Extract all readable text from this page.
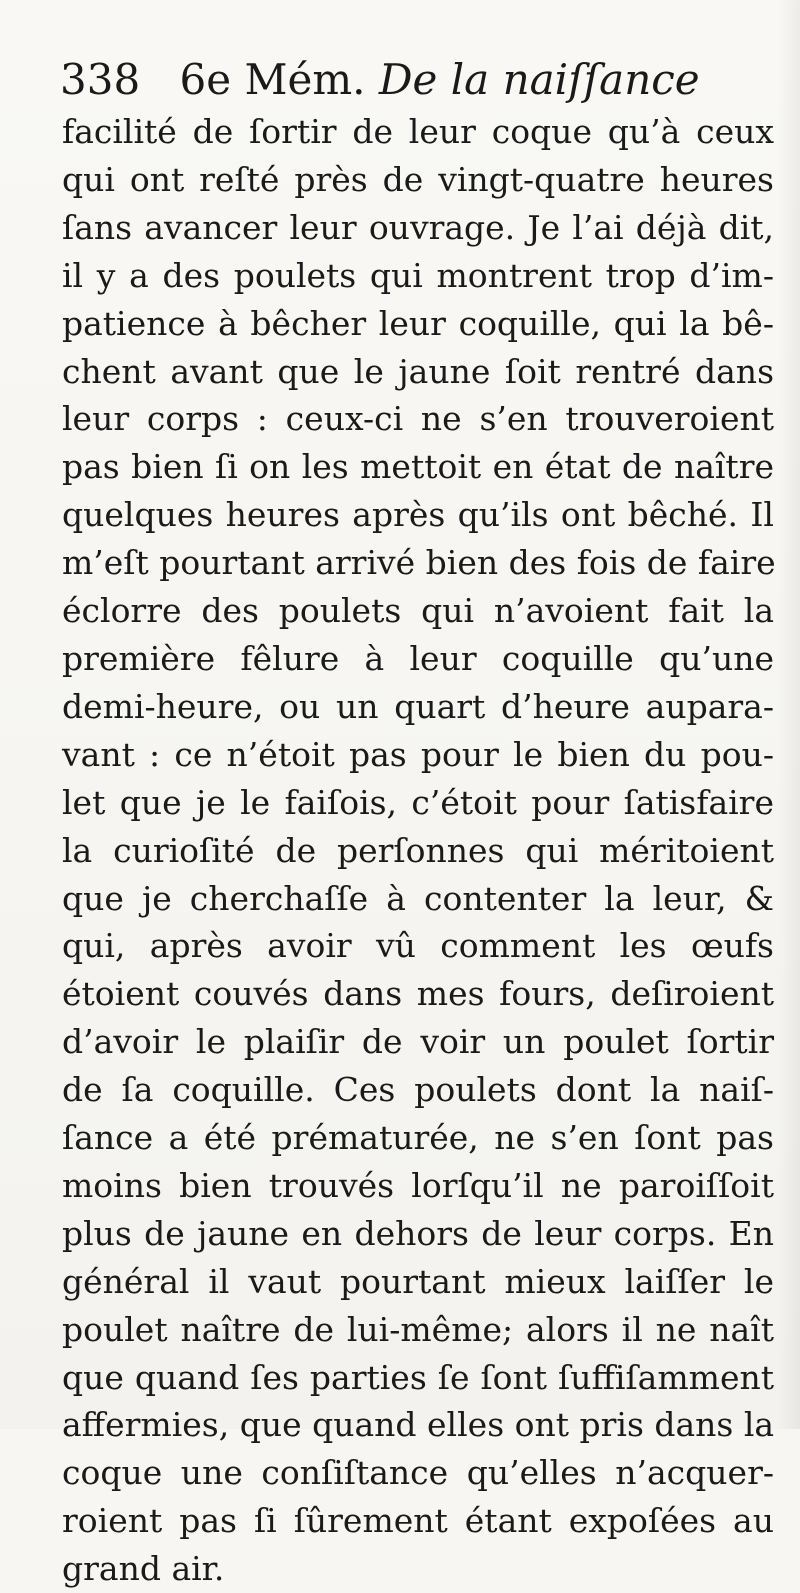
338 6e Mém. De la naiſſance
facilité de ſortir de leur coque qu’à ceux
qui ont reſté près de vingt-quatre heures
ſans avancer leur ouvrage. Je l’ai déjà dit,
il y a des poulets qui montrent trop d’im-
patience à bêcher leur coquille, qui la bê-
chent avant que le jaune ſoit rentré dans
leur corps : ceux-ci ne s’en trouveroient
pas bien ſi on les mettoit en état de naître
quelques heures après qu’ils ont bêché. Il
m’eſt pourtant arrivé bien des fois de faire
éclorre des poulets qui n’avoient fait la
première fêlure à leur coquille qu’une
demi-heure, ou un quart d’heure aupara-
vant : ce n’étoit pas pour le bien du pou-
let que je le faiſois, c’étoit pour ſatisfaire
la curioſité de perſonnes qui méritoient
que je cherchaſſe à contenter la leur, &
qui, après avoir vû comment les œufs
étoient couvés dans mes fours, deſiroient
d’avoir le plaiſir de voir un poulet ſortir
de ſa coquille. Ces poulets dont la naiſ-
ſance a été prématurée, ne s’en ſont pas
moins bien trouvés lorſqu’il ne paroiſſoit
plus de jaune en dehors de leur corps. En
général il vaut pourtant mieux laiſſer le
poulet naître de lui-même; alors il ne naît
que quand ſes parties ſe ſont ſuffiſamment
affermies, que quand elles ont pris dans la
coque une conſiſtance qu’elles n’acquer-
roient pas ſi ſûrement étant expoſées au
grand air.
